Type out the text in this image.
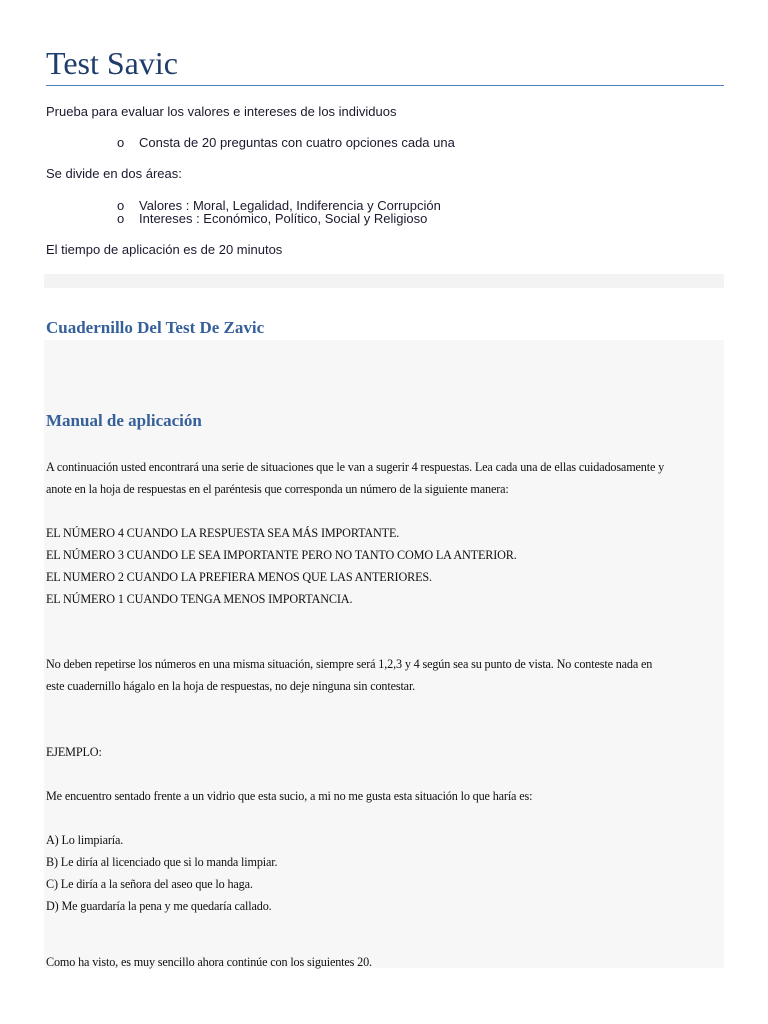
Test Savic
Prueba para evaluar los valores e intereses de los individuos
o Consta de 20 preguntas con cuatro opciones cada una
Se divide en dos áreas:
o Valores : Moral, Legalidad, Indiferencia y Corrupción
o Intereses : Económico, Político, Social y Religioso
El tiempo de aplicación es de 20 minutos
Cuadernillo Del Test De Zavic
Manual de aplicación
A continuación usted encontrará una serie de situaciones que le van a sugerir 4 respuestas. Lea cada una de ellas cuidadosamente y
anote en la hoja de respuestas en el paréntesis que corresponda un número de la siguiente manera:
EL NÚMERO 4 CUANDO LA RESPUESTA SEA MÁS IMPORTANTE.
EL NÚMERO 3 CUANDO LE SEA IMPORTANTE PERO NO TANTO COMO LA ANTERIOR.
EL NUMERO 2 CUANDO LA PREFIERA MENOS QUE LAS ANTERIORES.
EL NÚMERO 1 CUANDO TENGA MENOS IMPORTANCIA.
No deben repetirse los números en una misma situación, siempre será 1,2,3 y 4 según sea su punto de vista. No conteste nada en
este cuadernillo hágalo en la hoja de respuestas, no deje ninguna sin contestar.
EJEMPLO:
Me encuentro sentado frente a un vidrio que esta sucio, a mi no me gusta esta situación lo que haría es:
A) Lo limpiaría.
B) Le diría al licenciado que si lo manda limpiar.
C) Le diría a la señora del aseo que lo haga.
D) Me guardaría la pena y me quedaría callado.
Como ha visto, es muy sencillo ahora continúe con los siguientes 20.
